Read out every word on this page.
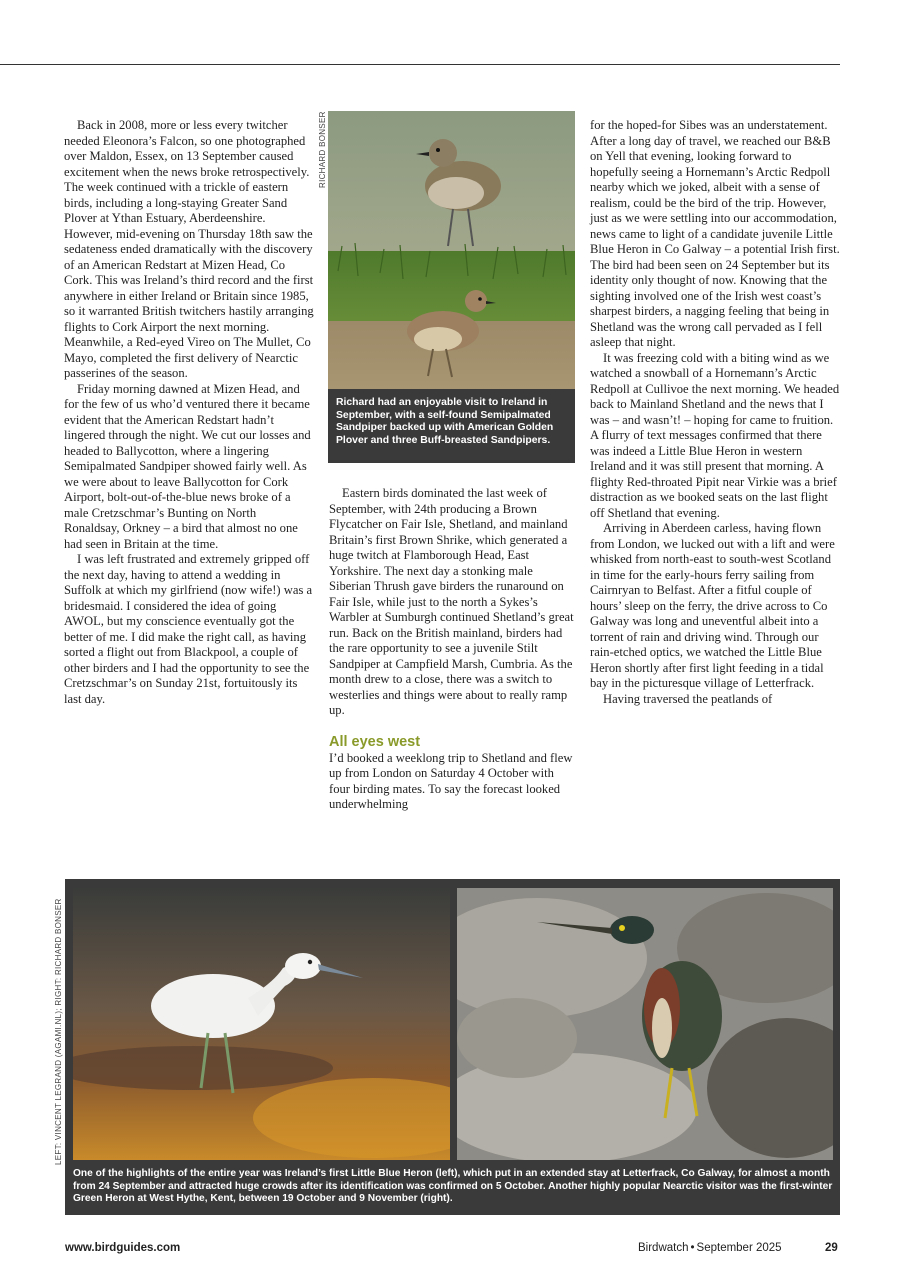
Back in 2008, more or less every twitcher needed Eleonora’s Falcon, so one photographed over Maldon, Essex, on 13 September caused excitement when the news broke retrospectively. The week continued with a trickle of eastern birds, including a long-staying Greater Sand Plover at Ythan Estuary, Aberdeenshire. However, mid-evening on Thursday 18th saw the sedateness ended dramatically with the discovery of an American Redstart at Mizen Head, Co Cork. This was Ireland’s third record and the first anywhere in either Ireland or Britain since 1985, so it warranted British twitchers hastily arranging flights to Cork Airport the next morning. Meanwhile, a Red-eyed Vireo on The Mullet, Co Mayo, completed the first delivery of Nearctic passerines of the season.

Friday morning dawned at Mizen Head, and for the few of us who’d ventured there it became evident that the American Redstart hadn’t lingered through the night. We cut our losses and headed to Ballycotton, where a lingering Semipalmated Sandpiper showed fairly well. As we were about to leave Ballycotton for Cork Airport, bolt-out-of-the-blue news broke of a male Cretzschmar’s Bunting on North Ronaldsay, Orkney – a bird that almost no one had seen in Britain at the time.

I was left frustrated and extremely gripped off the next day, having to attend a wedding in Suffolk at which my girlfriend (now wife!) was a bridesmaid. I considered the idea of going AWOL, but my conscience eventually got the better of me. I did make the right call, as having sorted a flight out from Blackpool, a couple of other birders and I had the opportunity to see the Cretzschmar’s on Sunday 21st, fortuitously its last day.

RICHARD BONSER
Richard had an enjoyable visit to Ireland in September, with a self-found Semipalmated Sandpiper backed up with American Golden Plover and three Buff-breasted Sandpipers.

Eastern birds dominated the last week of September, with 24th producing a Brown Flycatcher on Fair Isle, Shetland, and mainland Britain’s first Brown Shrike, which generated a huge twitch at Flamborough Head, East Yorkshire. The next day a stonking male Siberian Thrush gave birders the runaround on Fair Isle, while just to the north a Sykes’s Warbler at Sumburgh continued Shetland’s great run. Back on the British mainland, birders had the rare opportunity to see a juvenile Stilt Sandpiper at Campfield Marsh, Cumbria. As the month drew to a close, there was a switch to westerlies and things were about to really ramp up.

All eyes west

I’d booked a weeklong trip to Shetland and flew up from London on Saturday 4 October with four birding mates. To say the forecast looked underwhelming

for the hoped-for Sibes was an understatement. After a long day of travel, we reached our B&B on Yell that evening, looking forward to hopefully seeing a Hornemann’s Arctic Redpoll nearby which we joked, albeit with a sense of realism, could be the bird of the trip. However, just as we were settling into our accommodation, news came to light of a candidate juvenile Little Blue Heron in Co Galway – a potential Irish first. The bird had been seen on 24 September but its identity only thought of now. Knowing that the sighting involved one of the Irish west coast’s sharpest birders, a nagging feeling that being in Shetland was the wrong call pervaded as I fell asleep that night.

It was freezing cold with a biting wind as we watched a snowball of a Hornemann’s Arctic Redpoll at Cullivoe the next morning. We headed back to Mainland Shetland and the news that I was – and wasn’t! – hoping for came to fruition. A flurry of text messages confirmed that there was indeed a Little Blue Heron in western Ireland and it was still present that morning. A flighty Red-throated Pipit near Virkie was a brief distraction as we booked seats on the last flight off Shetland that evening.

Arriving in Aberdeen carless, having flown from London, we lucked out with a lift and were whisked from north-east to south-west Scotland in time for the early-hours ferry sailing from Cairnryan to Belfast. After a fitful couple of hours’ sleep on the ferry, the drive across to Co Galway was long and uneventful albeit into a torrent of rain and driving wind. Through our rain-etched optics, we watched the Little Blue Heron shortly after first light feeding in a tidal bay in the picturesque village of Letterfrack.

Having traversed the peatlands of

LEFT: VINCENT LEGRAND (AGAMI.NL); RIGHT: RICHARD BONSER
One of the highlights of the entire year was Ireland’s first Little Blue Heron (left), which put in an extended stay at Letterfrack, Co Galway, for almost a month from 24 September and attracted huge crowds after its identification was confirmed on 5 October. Another highly popular Nearctic visitor was the first-winter Green Heron at West Hythe, Kent, between 19 October and 9 November (right).
www.birdguides.com	Birdwatch • September 2025	29
